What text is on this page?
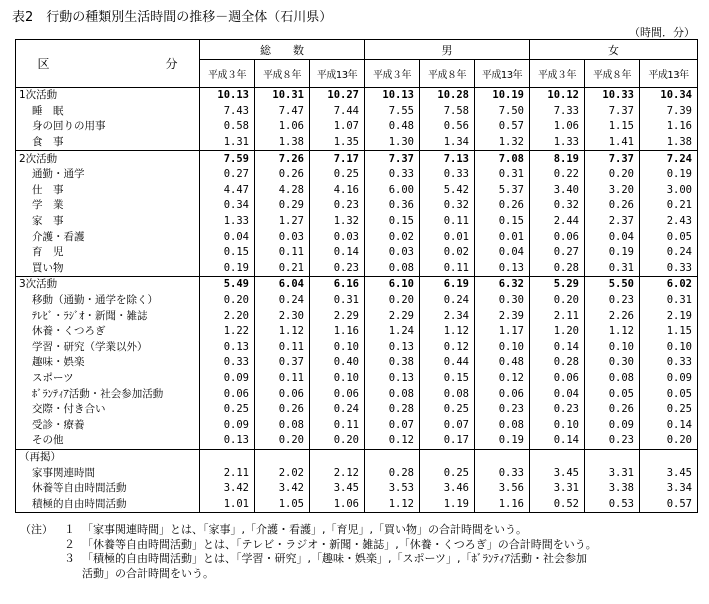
表2　行動の種類別生活時間の推移－週全体（石川県）
（時間．分）
区 分	総　　数			男			女		
	平成３年	平成８年	平成13年	平成３年	平成８年	平成13年	平成３年	平成８年	平成13年
1次活動	10.13	10.31	10.27	10.13	10.28	10.19	10.12	10.33	10.34
睡　眠	7.43	7.47	7.44	7.55	7.58	7.50	7.33	7.37	7.39
身の回りの用事	0.58	1.06	1.07	0.48	0.56	0.57	1.06	1.15	1.16
食　事	1.31	1.38	1.35	1.30	1.34	1.32	1.33	1.41	1.38
2次活動	7.59	7.26	7.17	7.37	7.13	7.08	8.19	7.37	7.24
通勤・通学	0.27	0.26	0.25	0.33	0.33	0.31	0.22	0.20	0.19
仕　事	4.47	4.28	4.16	6.00	5.42	5.37	3.40	3.20	3.00
学　業	0.34	0.29	0.23	0.36	0.32	0.26	0.32	0.26	0.21
家　事	1.33	1.27	1.32	0.15	0.11	0.15	2.44	2.37	2.43
介護・看護	0.04	0.03	0.03	0.02	0.01	0.01	0.06	0.04	0.05
育　児	0.15	0.11	0.14	0.03	0.02	0.04	0.27	0.19	0.24
買い物	0.19	0.21	0.23	0.08	0.11	0.13	0.28	0.31	0.33
3次活動	5.49	6.04	6.16	6.10	6.19	6.32	5.29	5.50	6.02
移動（通勤・通学を除く）	0.20	0.24	0.31	0.20	0.24	0.30	0.20	0.23	0.31
ﾃﾚﾋﾞ・ﾗｼﾞｵ・新聞・雑誌	2.20	2.30	2.29	2.29	2.34	2.39	2.11	2.26	2.19
休養・くつろぎ	1.22	1.12	1.16	1.24	1.12	1.17	1.20	1.12	1.15
学習・研究（学業以外）	0.13	0.11	0.10	0.13	0.12	0.10	0.14	0.10	0.10
趣味・娯楽	0.33	0.37	0.40	0.38	0.44	0.48	0.28	0.30	0.33
スポーツ	0.09	0.11	0.10	0.13	0.15	0.12	0.06	0.08	0.09
ﾎﾞﾗﾝﾃｨｱ活動・社会参加活動	0.06	0.06	0.06	0.08	0.08	0.06	0.04	0.05	0.05
交際・付き合い	0.25	0.26	0.24	0.28	0.25	0.23	0.23	0.26	0.25
受診・療養	0.09	0.08	0.11	0.07	0.07	0.08	0.10	0.09	0.14
その他	0.13	0.20	0.20	0.12	0.17	0.19	0.14	0.23	0.20
（再掲）									
家事関連時間	2.11	2.02	2.12	0.28	0.25	0.33	3.45	3.31	3.45
休養等自由時間活動	3.42	3.42	3.45	3.53	3.46	3.56	3.31	3.38	3.34
積極的自由時間活動	1.01	1.05	1.06	1.12	1.19	1.16	0.52	0.53	0.57
（注） １ 「家事関連時間」とは、「家事」,「介護・看護」,「育児」,「買い物」の合計時間をいう。
２ 「休養等自由時間活動」とは、「テレビ・ラジオ・新聞・雑誌」,「休養・くつろぎ」の合計時間をいう。
３ 「積極的自由時間活動」とは、「学習・研究」,「趣味・娯楽」,「スポーツ」,「ﾎﾞﾗﾝﾃｨｱ活動・社会参加
活動」の合計時間をいう。
